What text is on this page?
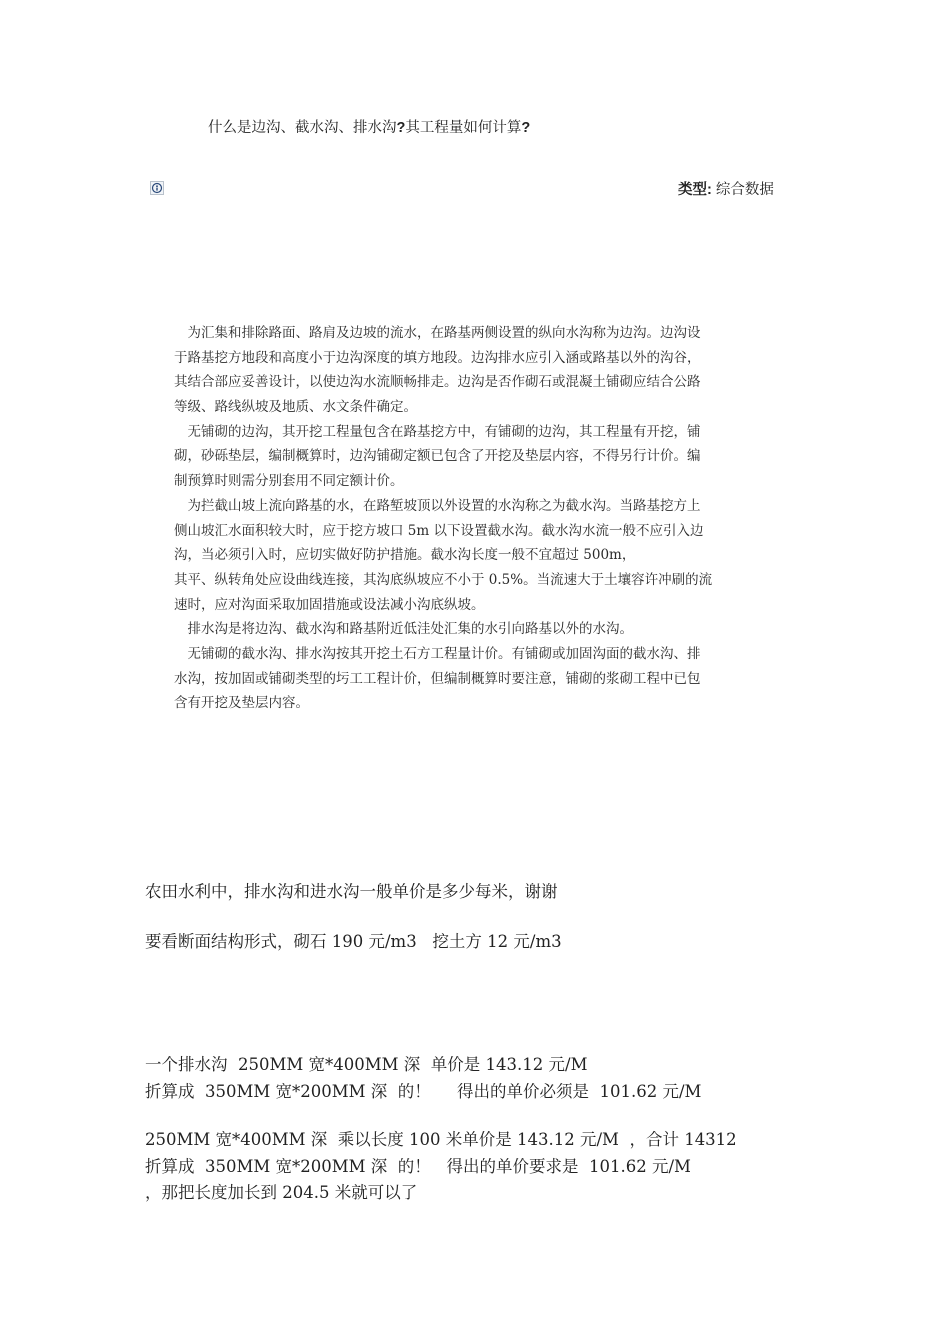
什么是边沟、截水沟、排水沟?其工程量如何计算?
类型: 综合数据
　为汇集和排除路面、路肩及边坡的流水，在路基两侧设置的纵向水沟称为边沟。边沟设
于路基挖方地段和高度小于边沟深度的填方地段。边沟排水应引入涵或路基以外的沟谷，
其结合部应妥善设计，以使边沟水流顺畅排走。边沟是否作砌石或混凝土铺砌应结合公路
等级、路线纵坡及地质、水文条件确定。
　无铺砌的边沟，其开挖工程量包含在路基挖方中，有铺砌的边沟，其工程量有开挖，铺
砌，砂砾垫层，编制概算时，边沟铺砌定额已包含了开挖及垫层内容，不得另行计价。编
制预算时则需分别套用不同定额计价。
　为拦截山坡上流向路基的水，在路堑坡顶以外设置的水沟称之为截水沟。当路基挖方上
侧山坡汇水面积较大时，应于挖方坡口 5m 以下设置截水沟。截水沟水流一般不应引入边
沟，当必须引入时，应切实做好防护措施。截水沟长度一般不宜超过 500m，
其平、纵转角处应设曲线连接，其沟底纵坡应不小于 0.5%。当流速大于土壤容许冲刷的流
速时，应对沟面采取加固措施或设法减小沟底纵坡。
　排水沟是将边沟、截水沟和路基附近低洼处汇集的水引向路基以外的水沟。
　无铺砌的截水沟、排水沟按其开挖土石方工程量计价。有铺砌或加固沟面的截水沟、排
水沟，按加固或铺砌类型的圬工工程计价，但编制概算时要注意，铺砌的浆砌工程中已包
含有开挖及垫层内容。
农田水利中，排水沟和进水沟一般单价是多少每米，谢谢
要看断面结构形式，砌石 190 元/m3   挖土方 12 元/m3
一个排水沟  250MM 宽*400MM 深  单价是 143.12 元/M
折算成  350MM 宽*200MM 深  的！     得出的单价必须是  101.62 元/M
250MM 宽*400MM 深  乘以长度 100 米单价是 143.12 元/M  ，合计 14312
折算成  350MM 宽*200MM 深  的！   得出的单价要求是  101.62 元/M
，那把长度加长到 204.5 米就可以了
